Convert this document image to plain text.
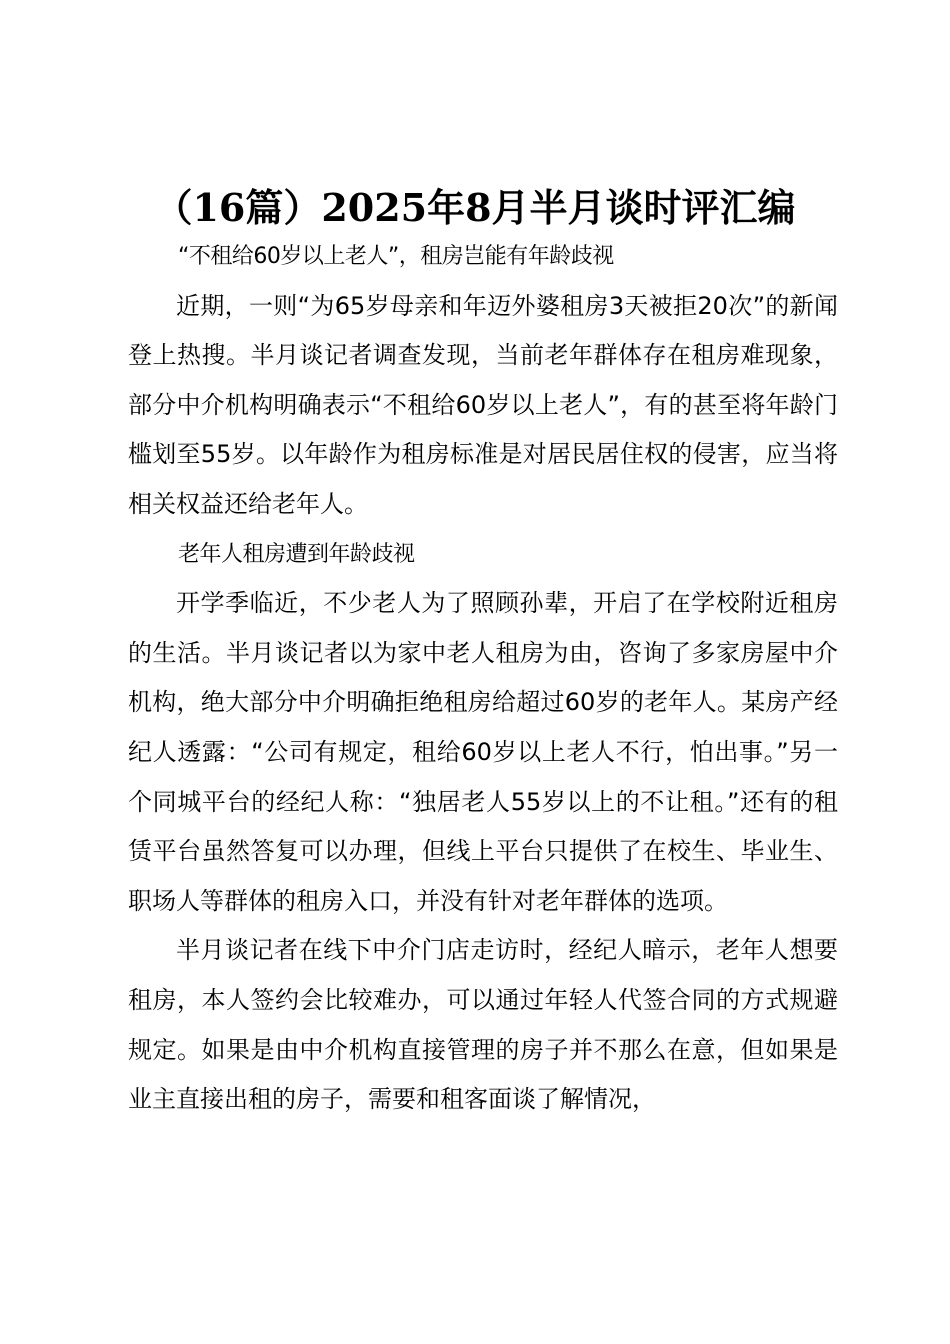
（16篇）2025年8月半月谈时评汇编

“不租给60岁以上老人”，租房岂能有年龄歧视

近期，一则“为65岁母亲和年迈外婆租房3天被拒20次”的新闻登上热搜。半月谈记者调查发现，当前老年群体存在租房难现象，部分中介机构明确表示“不租给60岁以上老人”，有的甚至将年龄门槛划至55岁。以年龄作为租房标准是对居民居住权的侵害，应当将相关权益还给老年人。

老年人租房遭到年龄歧视

开学季临近，不少老人为了照顾孙辈，开启了在学校附近租房的生活。半月谈记者以为家中老人租房为由，咨询了多家房屋中介机构，绝大部分中介明确拒绝租房给超过60岁的老年人。某房产经纪人透露：“公司有规定，租给60岁以上老人不行，怕出事。”另一个同城平台的经纪人称：“独居老人55岁以上的不让租。”还有的租赁平台虽然答复可以办理，但线上平台只提供了在校生、毕业生、职场人等群体的租房入口，并没有针对老年群体的选项。

半月谈记者在线下中介门店走访时，经纪人暗示，老年人想要租房，本人签约会比较难办，可以通过年轻人代签合同的方式规避规定。如果是由中介机构直接管理的房子并不那么在意，但如果是业主直接出租的房子，需要和租客面谈了解情况，
